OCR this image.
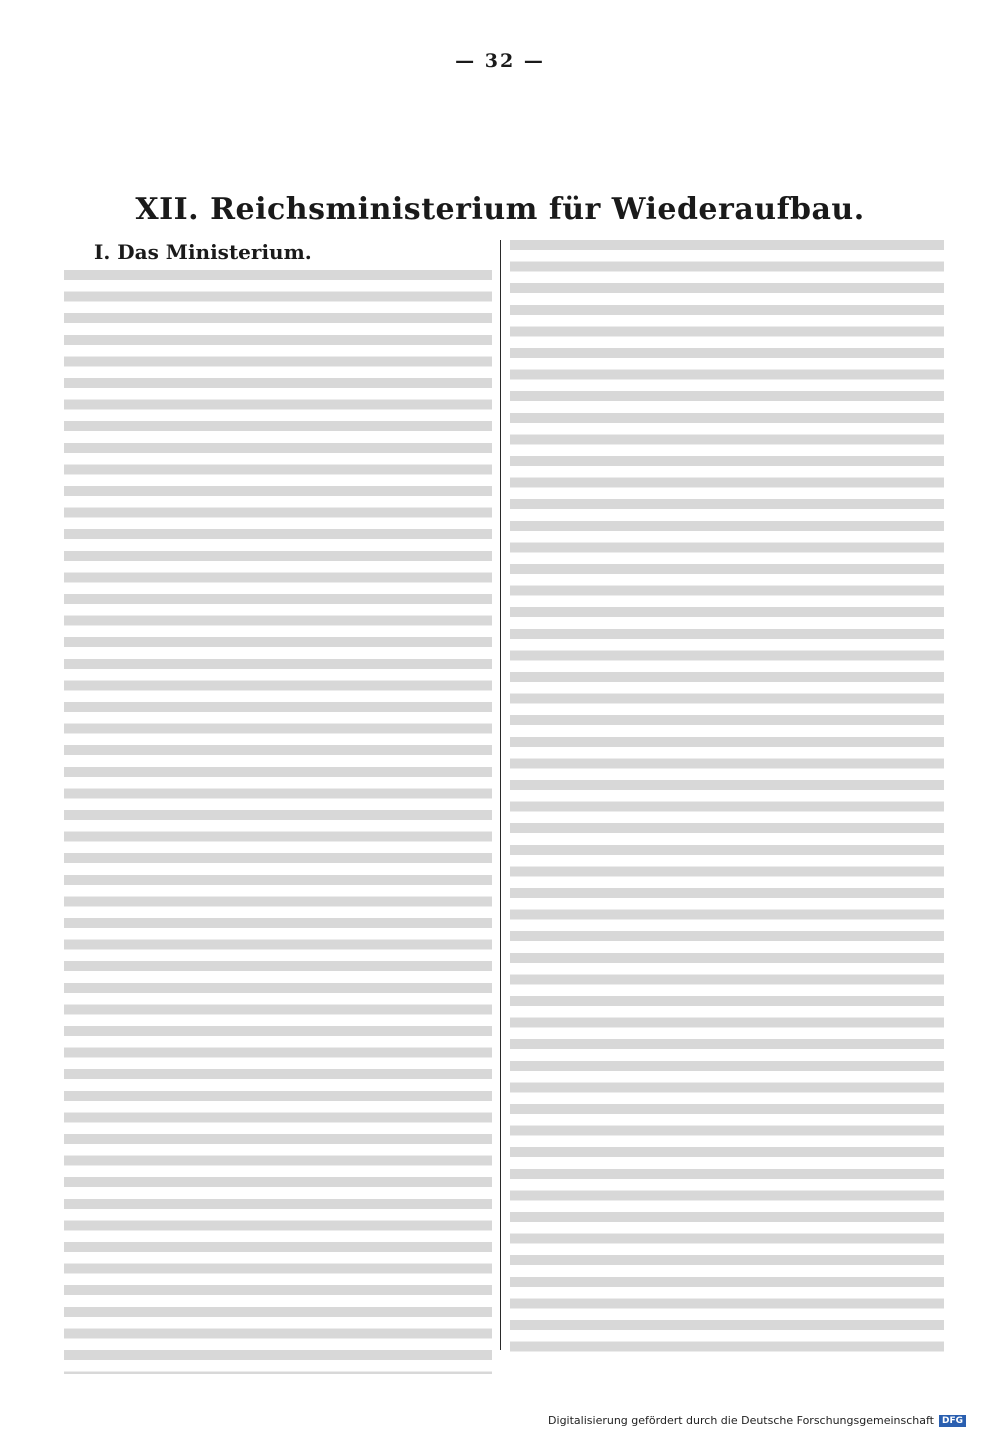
— 32 —
XII. Reichsministerium für Wiederaufbau.
I. Das Ministerium.
Digitalisierung gefördert durch die Deutsche Forschungsgemeinschaft DFG
